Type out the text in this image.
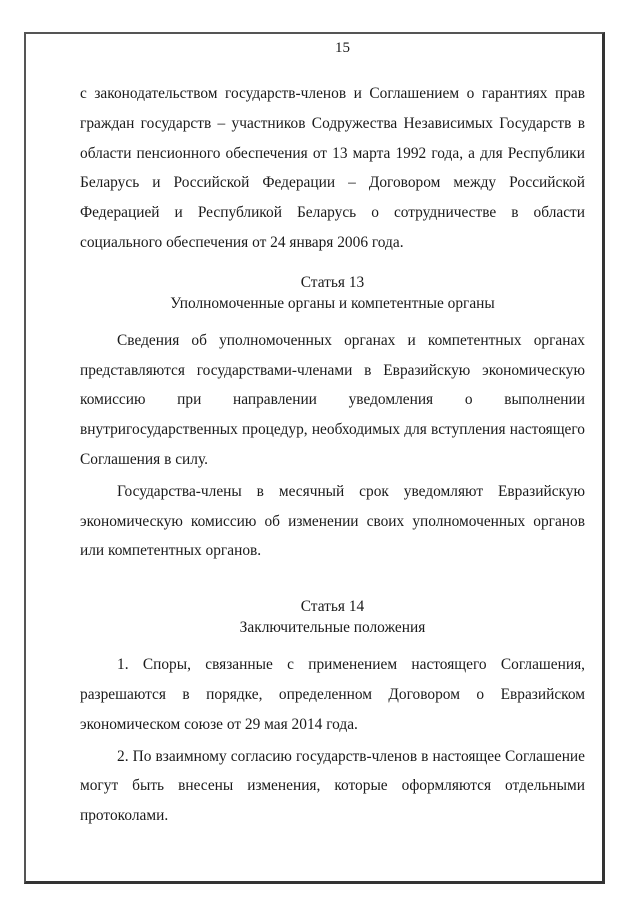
15

с законодательством государств-членов и Соглашением о гарантиях прав граждан государств – участников Содружества Независимых Государств в области пенсионного обеспечения от 13 марта 1992 года, а для Республики Беларусь и Российской Федерации – Договором между Российской Федерацией и Республикой Беларусь о сотрудничестве в области социального обеспечения от 24 января 2006 года.

Статья 13
Уполномоченные органы и компетентные органы

Сведения об уполномоченных органах и компетентных органах представляются государствами-членами в Евразийскую экономическую комиссию при направлении уведомления о выполнении внутригосударственных процедур, необходимых для вступления настоящего Соглашения в силу.

Государства-члены в месячный срок уведомляют Евразийскую экономическую комиссию об изменении своих уполномоченных органов или компетентных органов.

Статья 14
Заключительные положения

1. Споры, связанные с применением настоящего Соглашения, разрешаются в порядке, определенном Договором о Евразийском экономическом союзе от 29 мая 2014 года.

2. По взаимному согласию государств-членов в настоящее Соглашение могут быть внесены изменения, которые оформляются отдельными протоколами.
